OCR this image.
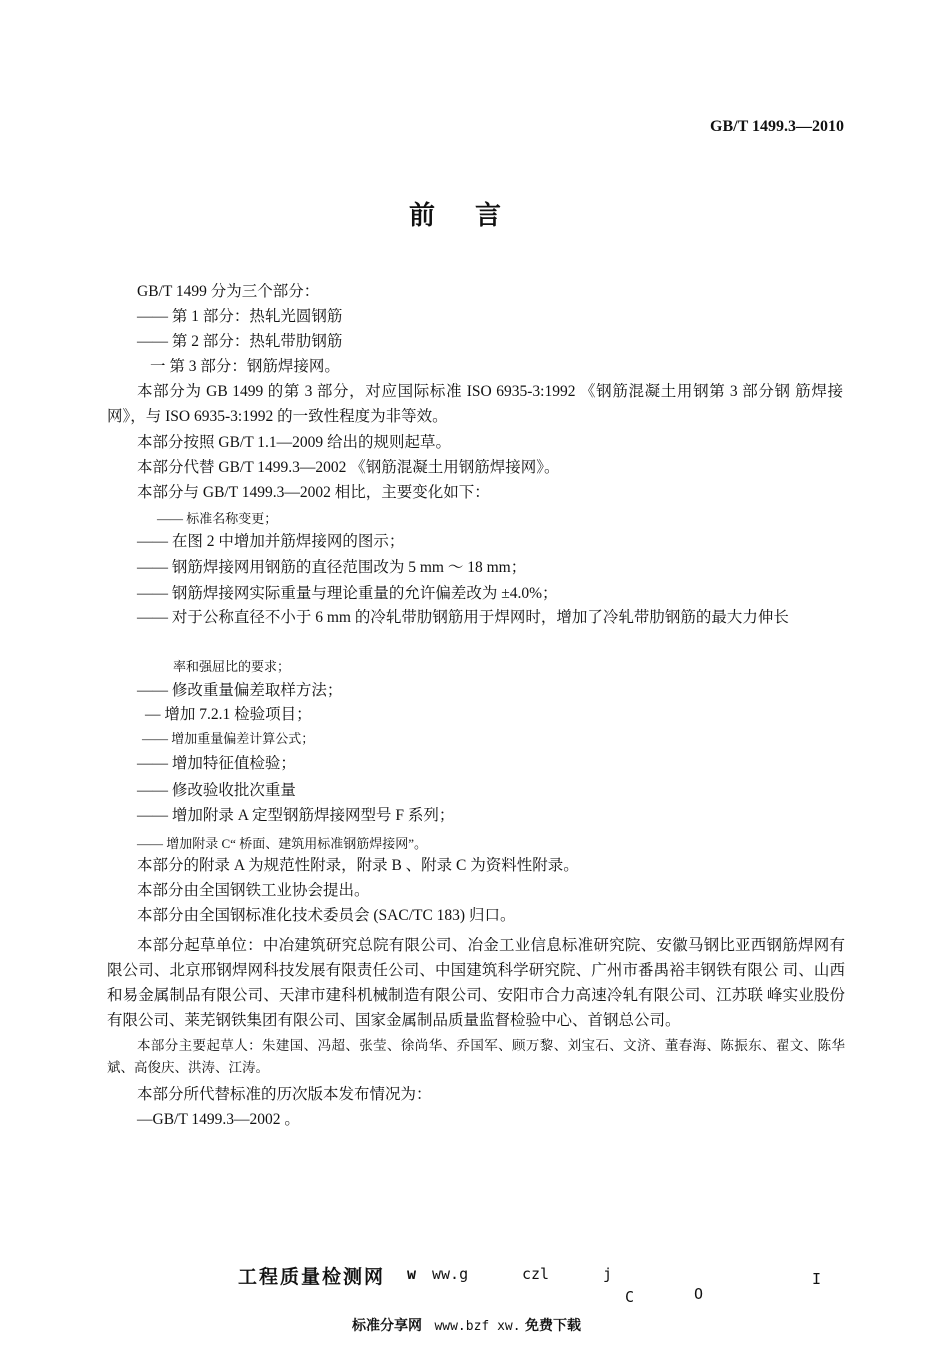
GB/T 1499.3—2010
前言
GB/T 1499 分为三个部分：
—— 第 1 部分：热轧光圆钢筋
—— 第 2 部分：热轧带肋钢筋
一 第 3 部分：钢筋焊接网。
本部分为 GB 1499 的第 3 部分，对应国际标准 ISO 6935-3:1992 《钢筋混凝土用钢第 3 部分钢 筋焊接网》，与 ISO 6935-3:1992 的一致性程度为非等效。
本部分按照 GB/T 1.1—2009 给出的规则起草。
本部分代替 GB/T 1499.3—2002 《钢筋混凝土用钢筋焊接网》。
本部分与 GB/T 1499.3—2002 相比，主要变化如下：
—— 标准名称变更；
—— 在图 2 中增加并筋焊接网的图示；
—— 钢筋焊接网用钢筋的直径范围改为 5 mm ～ 18 mm；
—— 钢筋焊接网实际重量与理论重量的允许偏差改为 ±4.0%；
—— 对于公称直径不小于 6 mm 的冷轧带肋钢筋用于焊网时，增加了冷轧带肋钢筋的最大力伸长
率和强屈比的要求；
—— 修改重量偏差取样方法；
— 增加 7.2.1 检验项目；
—— 增加重量偏差计算公式；
—— 增加特征值检验；
—— 修改验收批次重量
—— 增加附录 A 定型钢筋焊接网型号 F 系列；
—— 增加附录 C“ 桥面、建筑用标准钢筋焊接网”。
本部分的附录 A 为规范性附录，附录 B 、附录 C 为资料性附录。
本部分由全国钢铁工业协会提出。
本部分由全国钢标准化技术委员会 (SAC/TC 183) 归口。
本部分起草单位：中冶建筑研究总院有限公司、冶金工业信息标准研究院、安徽马钢比亚西钢筋焊网有限公司、北京邢钢焊网科技发展有限责任公司、中国建筑科学研究院、广州市番禺裕丰钢铁有限公 司、山西和易金属制品有限公司、天津市建科机械制造有限公司、安阳市合力高速冷轧有限公司、江苏联 峰实业股份有限公司、莱芜钢铁集团有限公司、国家金属制品质量监督检验中心、首钢总公司。
本部分主要起草人：朱建国、冯超、张莹、徐尚华、乔国军、顾万黎、刘宝石、文济、董春海、陈振东、翟文、陈华斌、高俊庆、洪涛、江涛。
本部分所代替标准的历次版本发布情况为：
—GB/T 1499.3—2002 。
工程质量检测网 w ww.g	czl	j
C	O
I
标准分享网 www.bzf xw. 免费下载
